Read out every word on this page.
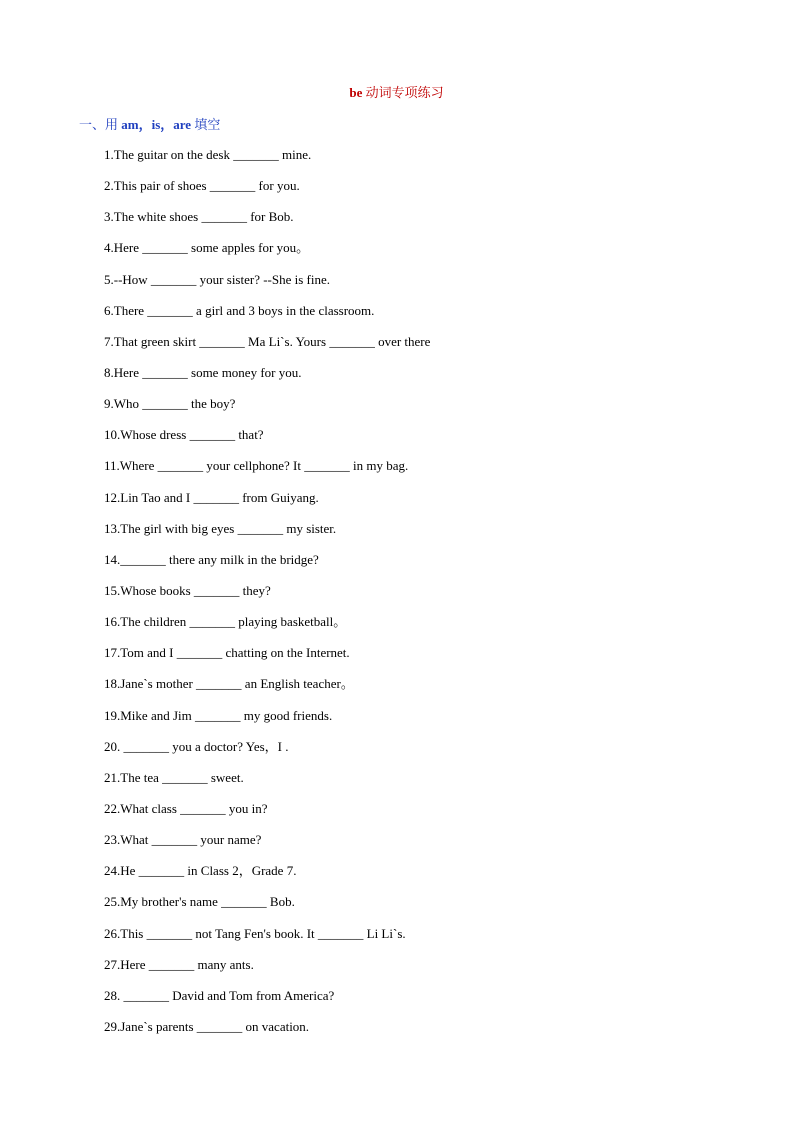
be 动词专项练习
一、用 am，is，are 填空
1.The guitar on the desk _______ mine.
2.This pair of shoes _______ for you.
3.The white shoes _______ for Bob.
4.Here _______ some apples for you。
5.--How _______ your sister? --She is fine.
6.There _______ a girl and 3 boys in the classroom.
7.That green skirt _______ Ma Li`s. Yours _______ over there
8.Here _______ some money for you.
9.Who _______ the boy?
10.Whose dress _______ that?
11.Where _______ your cellphone? It _______ in my bag.
12.Lin Tao and I _______ from Guiyang.
13.The girl with big eyes _______ my sister.
14._______ there any milk in the bridge?
15.Whose books _______ they?
16.The children _______ playing basketball。
17.Tom and I _______ chatting on the Internet.
18.Jane`s mother _______ an English teacher。
19.Mike and Jim _______ my good friends.
20. _______ you a doctor? Yes，I .
21.The tea _______ sweet.
22.What class _______ you in?
23.What _______ your name?
24.He _______ in Class 2，Grade 7.
25.My brother's name _______ Bob.
26.This _______ not Tang Fen's book. It _______ Li Li`s.
27.Here _______ many ants.
28. _______ David and Tom from America?
29.Jane`s parents _______ on vacation.
